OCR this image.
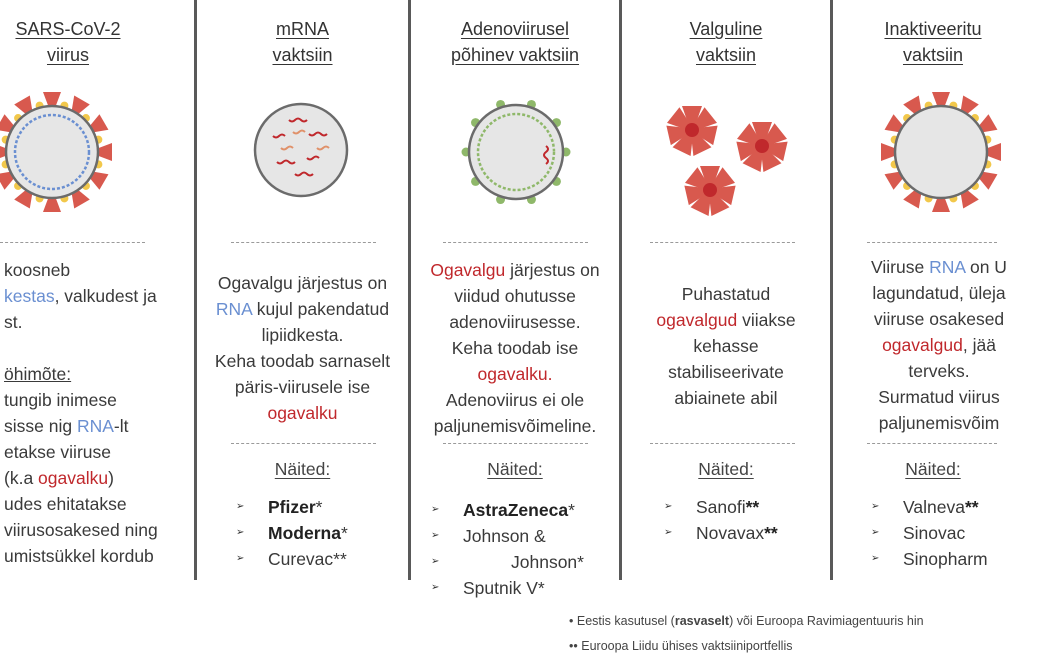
SARS-CoV-2
viirus
koosneb
kestas, valkudest ja
st.

öhimõte:
tungib inimese
sisse nig RNA-lt
etakse viiruse
(k.a ogavalku)
udes ehitatakse
viirusosakesed ning
umistsükkel kordub
mRNA
vaktsiin
Ogavalgu järjestus on
RNA kujul pakendatud
lipiidkesta.
Keha toodab sarnaselt
päris-viirusele ise
ogavalku
Näited:
➢ Pfizer*
➢ Moderna*
➢ Curevac**
Adenoviirusel
põhinev vaktsiin
Ogavalgu järjestus on
viidud ohutusse
adenoviirusesse.
Keha toodab ise
ogavalku.
Adenoviirus ei ole
paljunemisvõimeline.
Näited:
➢ AstraZeneca*
➢ Johnson &
➢ Johnson*
➢ Sputnik V*
Valguline
vaktsiin
Puhastatud
ogavalgud viiakse
kehasse
stabiliseerivate
abiainete abil
Näited:
➢ Sanofi**
➢ Novavax**
Inaktiveeritu
vaktsiin
Viiruse RNA on U
lagundatud, üleja
viiruse osakesed
ogavalgud, jää
terveks.
Surmatud viirus
paljunemisvõim
Näited:
➢ Valneva**
➢ Sinovac
➢ Sinopharm
• Eestis kasutusel (rasvaselt) või Euroopa Ravimiagentuuris hin
•• Euroopa Liidu ühises vaktsiiniportfellis
